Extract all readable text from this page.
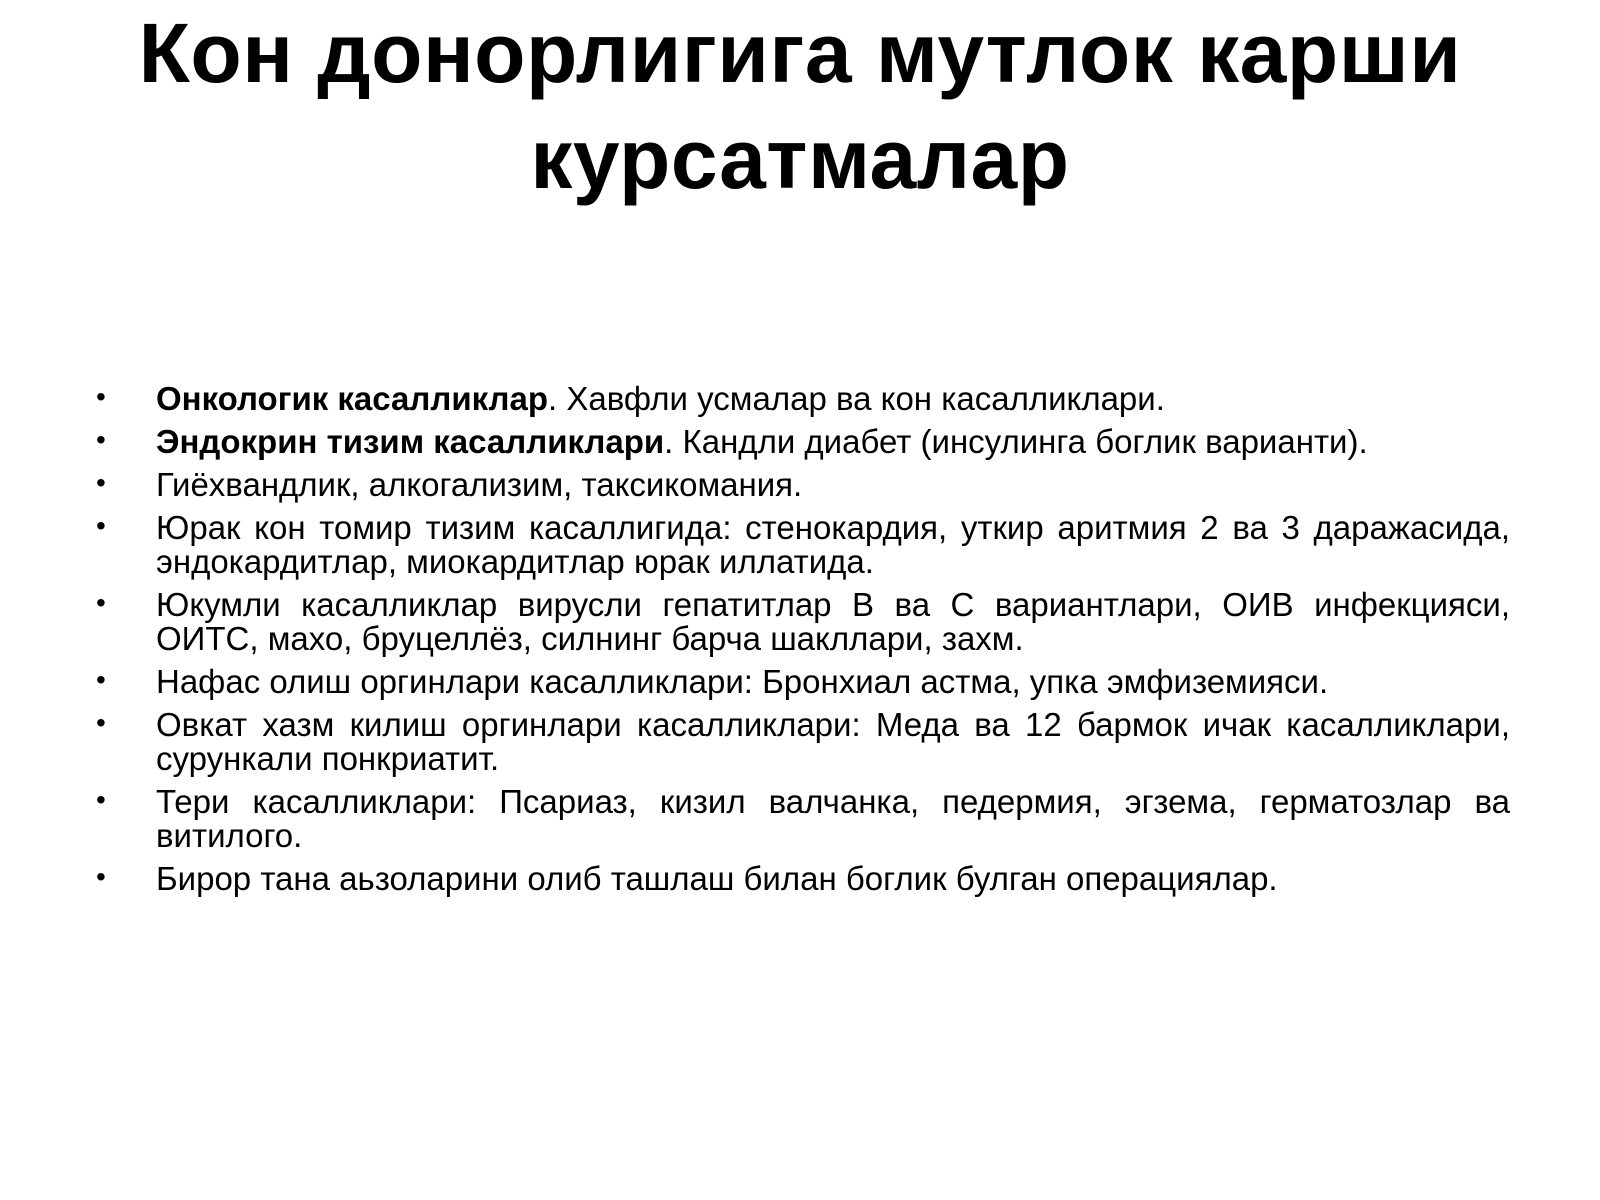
Кон донорлигига мутлок карши
курсатмалар
• Онкологик касалликлар. Хавфли усмалар ва кон касалликлари.
• Эндокрин тизим касалликлари. Кандли диабет (инсулинга боглик варианти).
• Гиёхвандлик, алкогализим, таксикомания.
• Юрак кон томир тизим касаллигида: стенокардия, уткир аритмия 2 ва 3 даражасида, эндокардитлар, миокардитлар юрак иллатида.
• Юкумли касалликлар вирусли гепатитлар В ва С вариантлари, ОИВ инфекцияси, ОИТС, махо, бруцеллёз, силнинг барча шакллари, захм.
• Нафас олиш оргинлари касалликлари: Бронхиал астма, упка эмфиземияси.
• Овкат хазм килиш оргинлари касалликлари: Меда ва 12 бармок ичак касалликлари, сурункали понкриатит.
• Тери касалликлари: Псариаз, кизил валчанка, педермия, эгзема, герматозлар ва витилого.
• Бирор тана аьзоларини олиб ташлаш билан боглик булган операциялар.
